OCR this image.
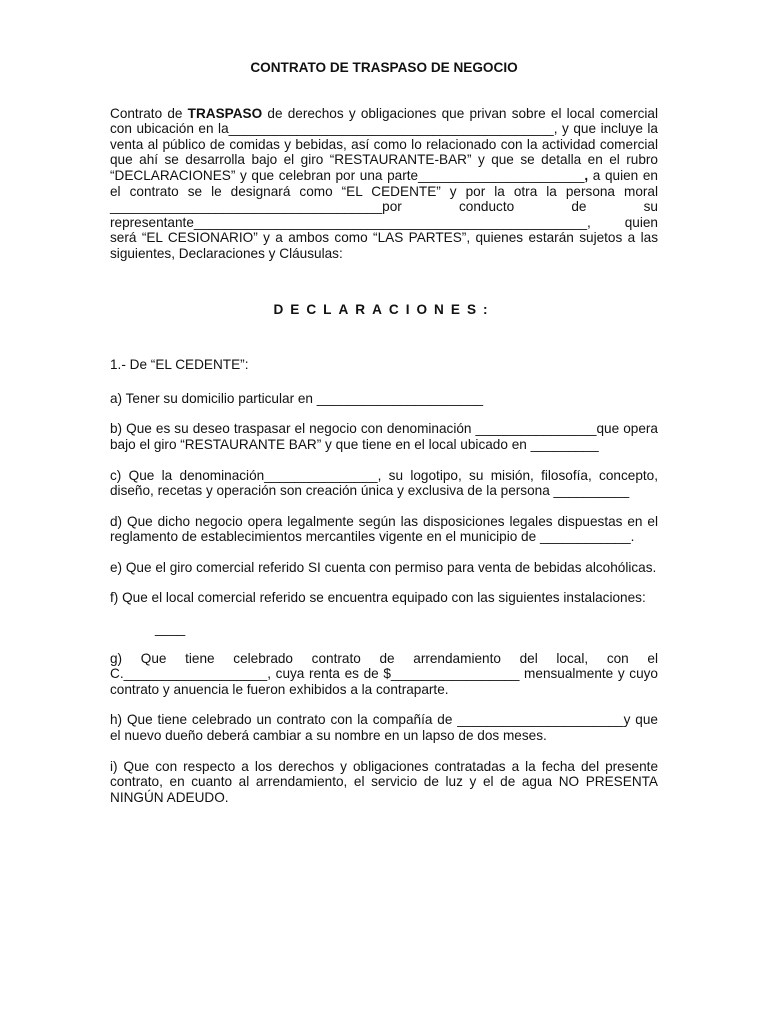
CONTRATO DE TRASPASO DE NEGOCIO

Contrato de TRASPASO de derechos y obligaciones que privan sobre el local comercial con ubicación en la___________________________________________, y que incluye la venta al público de comidas y bebidas, así como lo relacionado con la actividad comercial que ahí se desarrolla bajo el giro “RESTAURANTE-BAR” y que se detalla en el rubro “DECLARACIONES” y que celebran por una parte______________________, a quien en el contrato se le designará como “EL CEDENTE” y por la otra la persona moral ____________________________________por conducto de su representante____________________________________________________, quien será “EL CESIONARIO” y a ambos como “LAS PARTES”, quienes estarán sujetos a las siguientes, Declaraciones y Cláusulas:

DECLARACIONES:

1.- De “EL CEDENTE”:

a) Tener su domicilio particular en ______________________

b) Que es su deseo traspasar el negocio con denominación ________________que opera bajo el giro “RESTAURANTE BAR” y que tiene en el local ubicado en _________

c) Que la denominación_______________, su logotipo, su misión, filosofía, concepto, diseño, recetas y operación son creación única y exclusiva de la persona __________

d) Que dicho negocio opera legalmente según las disposiciones legales dispuestas en el reglamento de establecimientos mercantiles vigente en el municipio de ____________.

e) Que el giro comercial referido SI cuenta con permiso para venta de bebidas alcohólicas.

f) Que el local comercial referido se encuentra equipado con las siguientes instalaciones:

____

g) Que tiene celebrado contrato de arrendamiento del local, con el C.___________________, cuya renta es de $_________________ mensualmente y cuyo contrato y anuencia le fueron exhibidos a la contraparte.

h) Que tiene celebrado un contrato con la compañía de ______________________y que el nuevo dueño deberá cambiar a su nombre en un lapso de dos meses.

i) Que con respecto a los derechos y obligaciones contratadas a la fecha del presente contrato, en cuanto al arrendamiento, el servicio de luz y el de agua NO PRESENTA NINGÚN ADEUDO.
